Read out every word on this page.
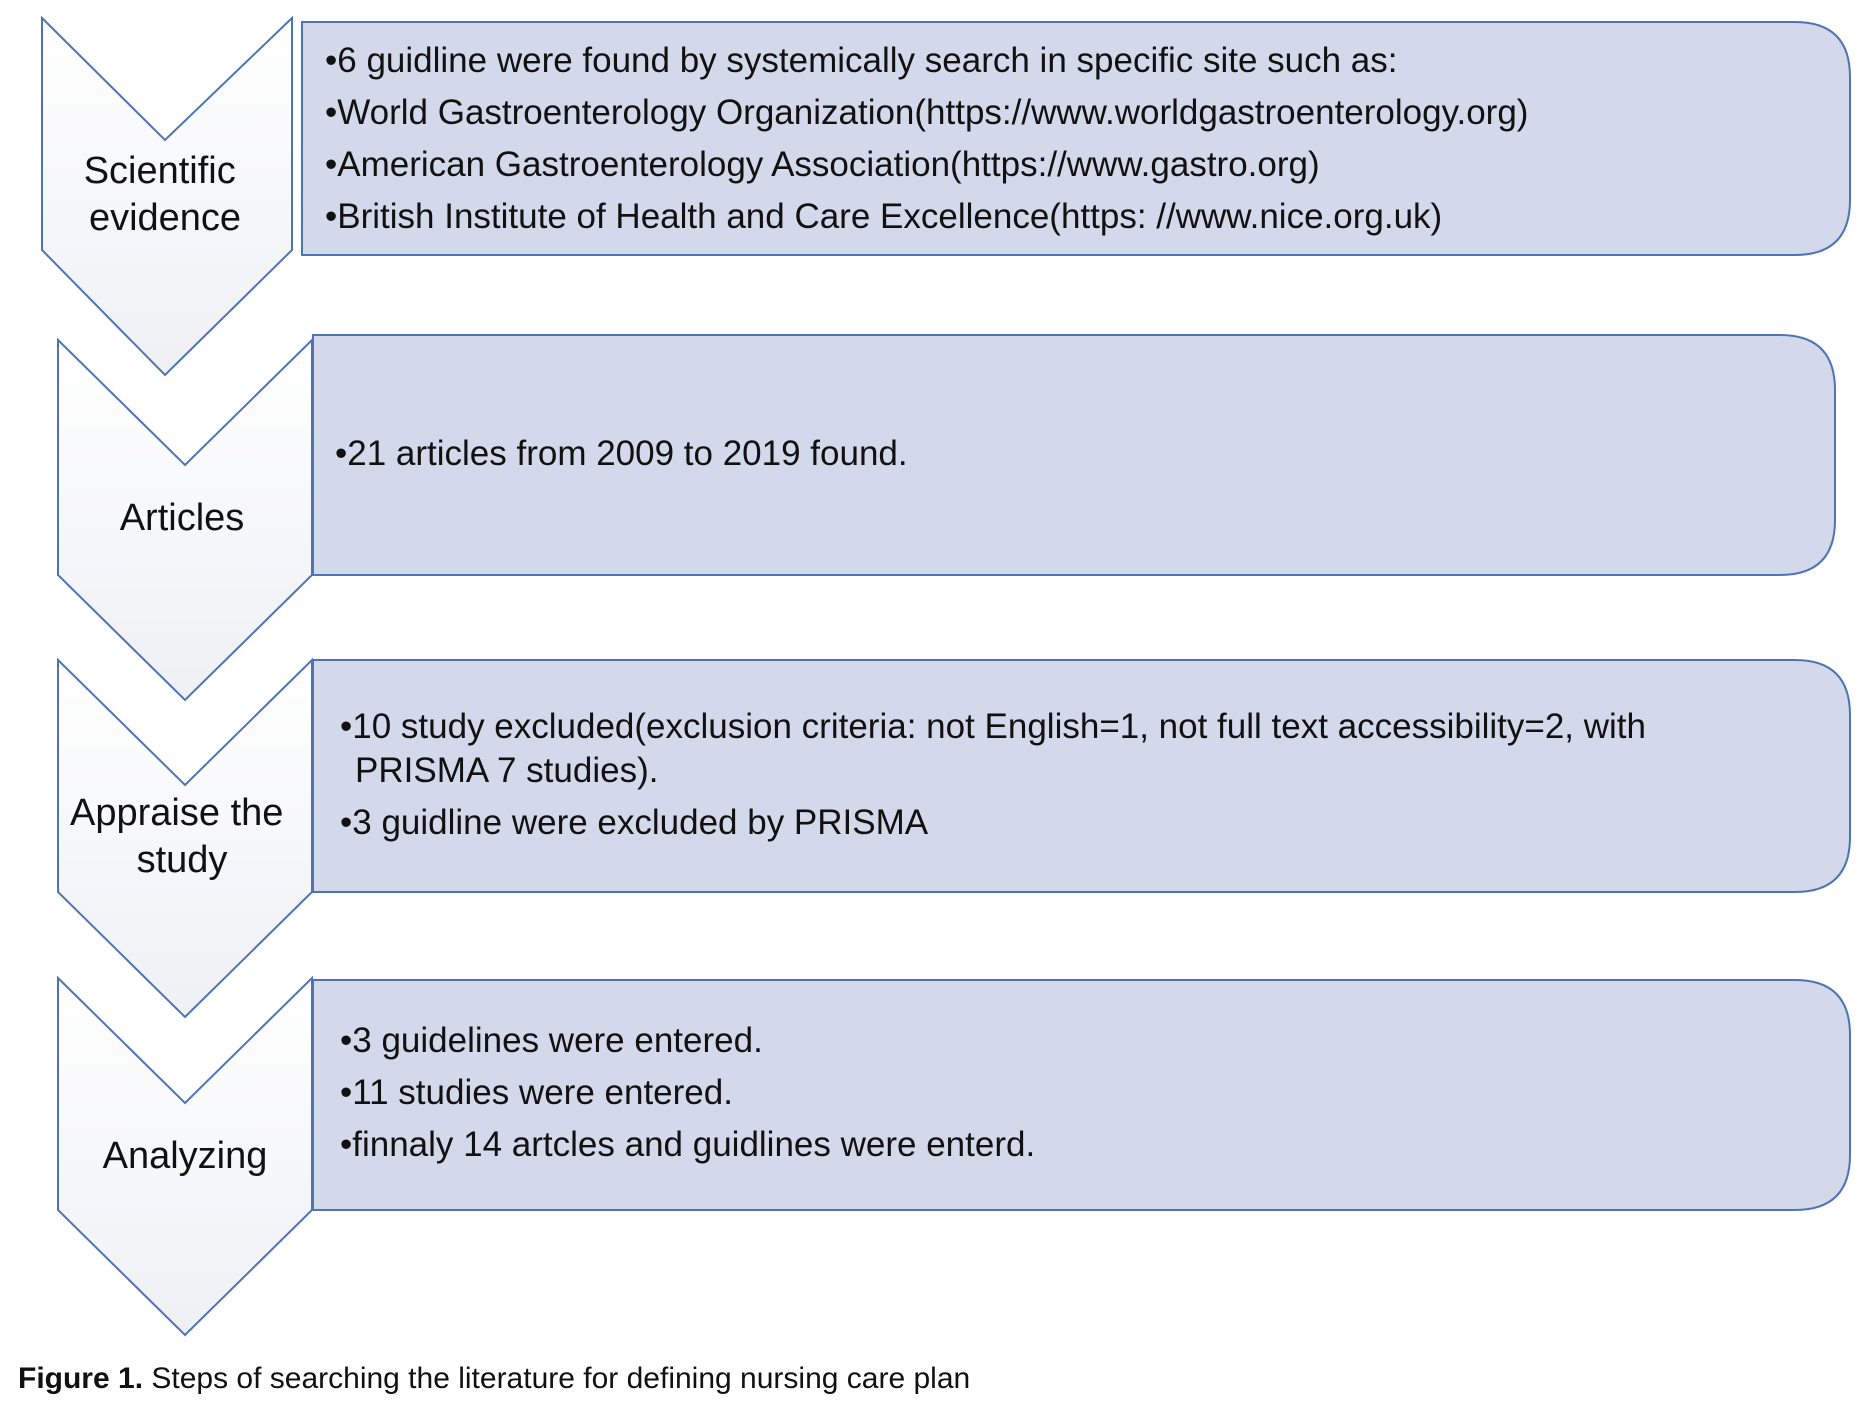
Analyzing
•3 guidelines were entered.
•11 studies were entered.
•finnaly 14 artcles and guidlines were enterd.
Appraise the study
•10 study excluded(exclusion criteria: not English=1, not full text accessibility=2, with
PRISMA 7 studies).
•3 guidline were excluded by PRISMA
Articles
•21 articles from 2009 to 2019 found.
Scientific evidence
•6 guidline were found by systemically search in specific site such as:
•World Gastroenterology Organization(https://www.worldgastroenterology.org)
•American Gastroenterology Association(https://www.gastro.org)
•British Institute of Health and Care Excellence(https: //www.nice.org.uk)
Figure 1. Steps of searching the literature for defining nursing care plan
